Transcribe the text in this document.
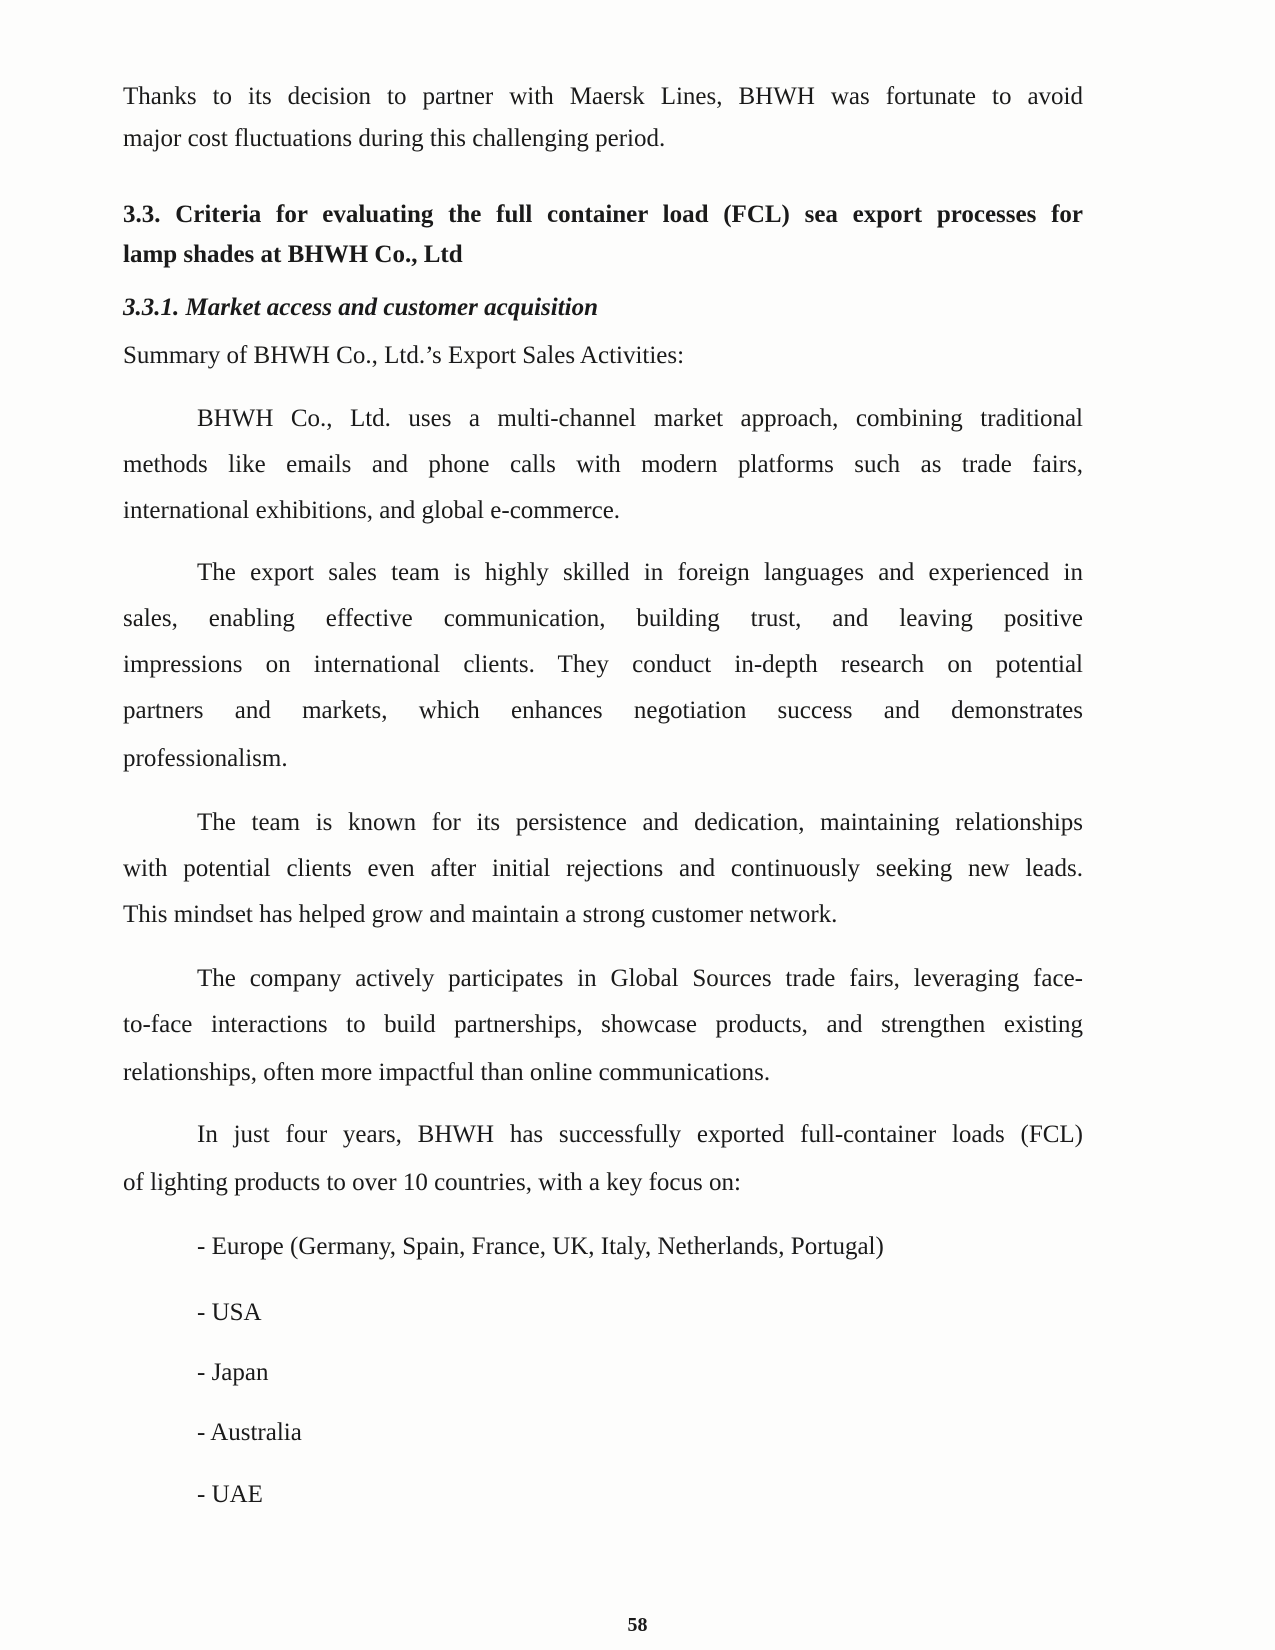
Thanks to its decision to partner with Maersk Lines, BHWH was fortunate to avoid
major cost fluctuations during this challenging period.
3.3. Criteria for evaluating the full container load (FCL) sea export processes for
lamp shades at BHWH Co., Ltd
3.3.1. Market access and customer acquisition
Summary of BHWH Co., Ltd.’s Export Sales Activities:
BHWH Co., Ltd. uses a multi-channel market approach, combining traditional
methods like emails and phone calls with modern platforms such as trade fairs,
international exhibitions, and global e-commerce.
The export sales team is highly skilled in foreign languages and experienced in
sales, enabling effective communication, building trust, and leaving positive
impressions on international clients. They conduct in-depth research on potential
partners and markets, which enhances negotiation success and demonstrates
professionalism.
The team is known for its persistence and dedication, maintaining relationships
with potential clients even after initial rejections and continuously seeking new leads.
This mindset has helped grow and maintain a strong customer network.
The company actively participates in Global Sources trade fairs, leveraging face-
to-face interactions to build partnerships, showcase products, and strengthen existing
relationships, often more impactful than online communications.
In just four years, BHWH has successfully exported full-container loads (FCL)
of lighting products to over 10 countries, with a key focus on:
- Europe (Germany, Spain, France, UK, Italy, Netherlands, Portugal)
- USA
- Japan
- Australia
- UAE
58
